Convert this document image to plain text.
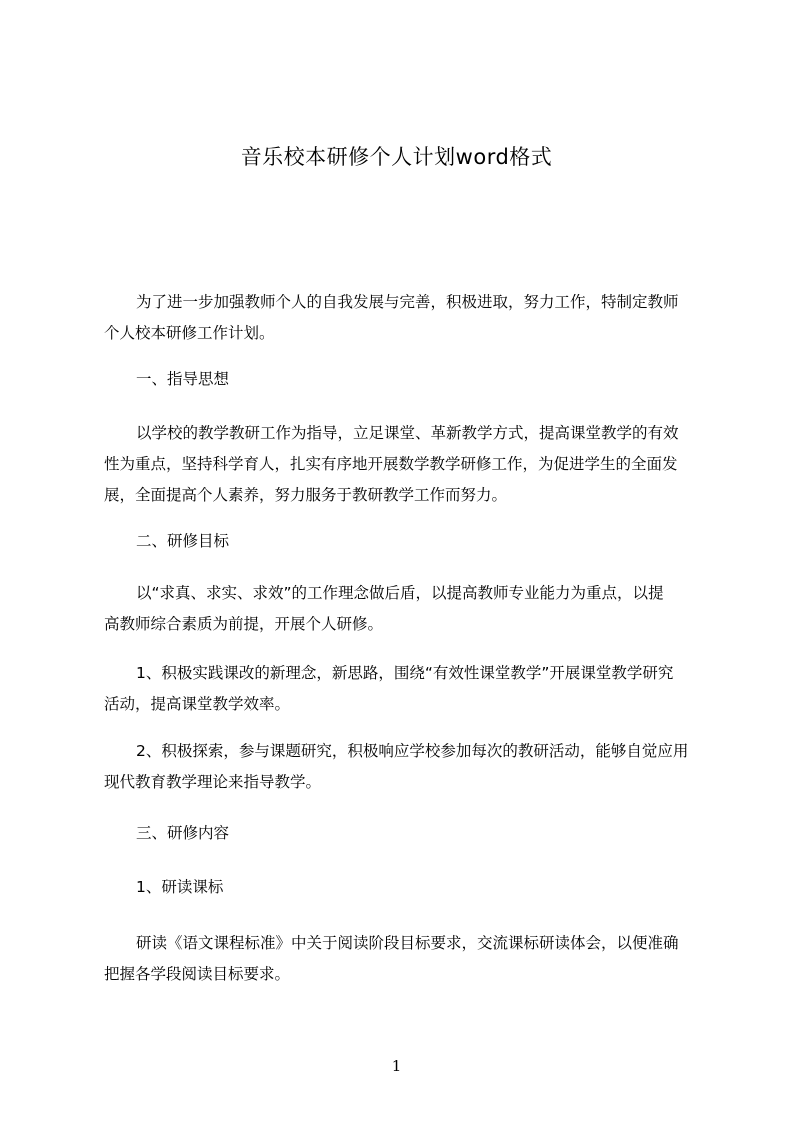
音乐校本研修个人计划word格式
为了进一步加强教师个人的自我发展与完善，积极进取，努力工作，特制定教师
个人校本研修工作计划。
一、指导思想
以学校的教学教研工作为指导，立足课堂、革新教学方式，提高课堂教学的有效
性为重点，坚持科学育人，扎实有序地开展数学教学研修工作，为促进学生的全面发
展，全面提高个人素养，努力服务于教研教学工作而努力。
二、研修目标
以“求真、求实、求效”的工作理念做后盾，以提高教师专业能力为重点，以提
高教师综合素质为前提，开展个人研修。
1、积极实践课改的新理念，新思路，围绕“有效性课堂教学”开展课堂教学研究
活动，提高课堂教学效率。
2、积极探索，参与课题研究，积极响应学校参加每次的教研活动，能够自觉应用
现代教育教学理论来指导教学。
三、研修内容
1、研读课标
研读《语文课程标准》中关于阅读阶段目标要求，交流课标研读体会，以便准确
把握各学段阅读目标要求。
1
